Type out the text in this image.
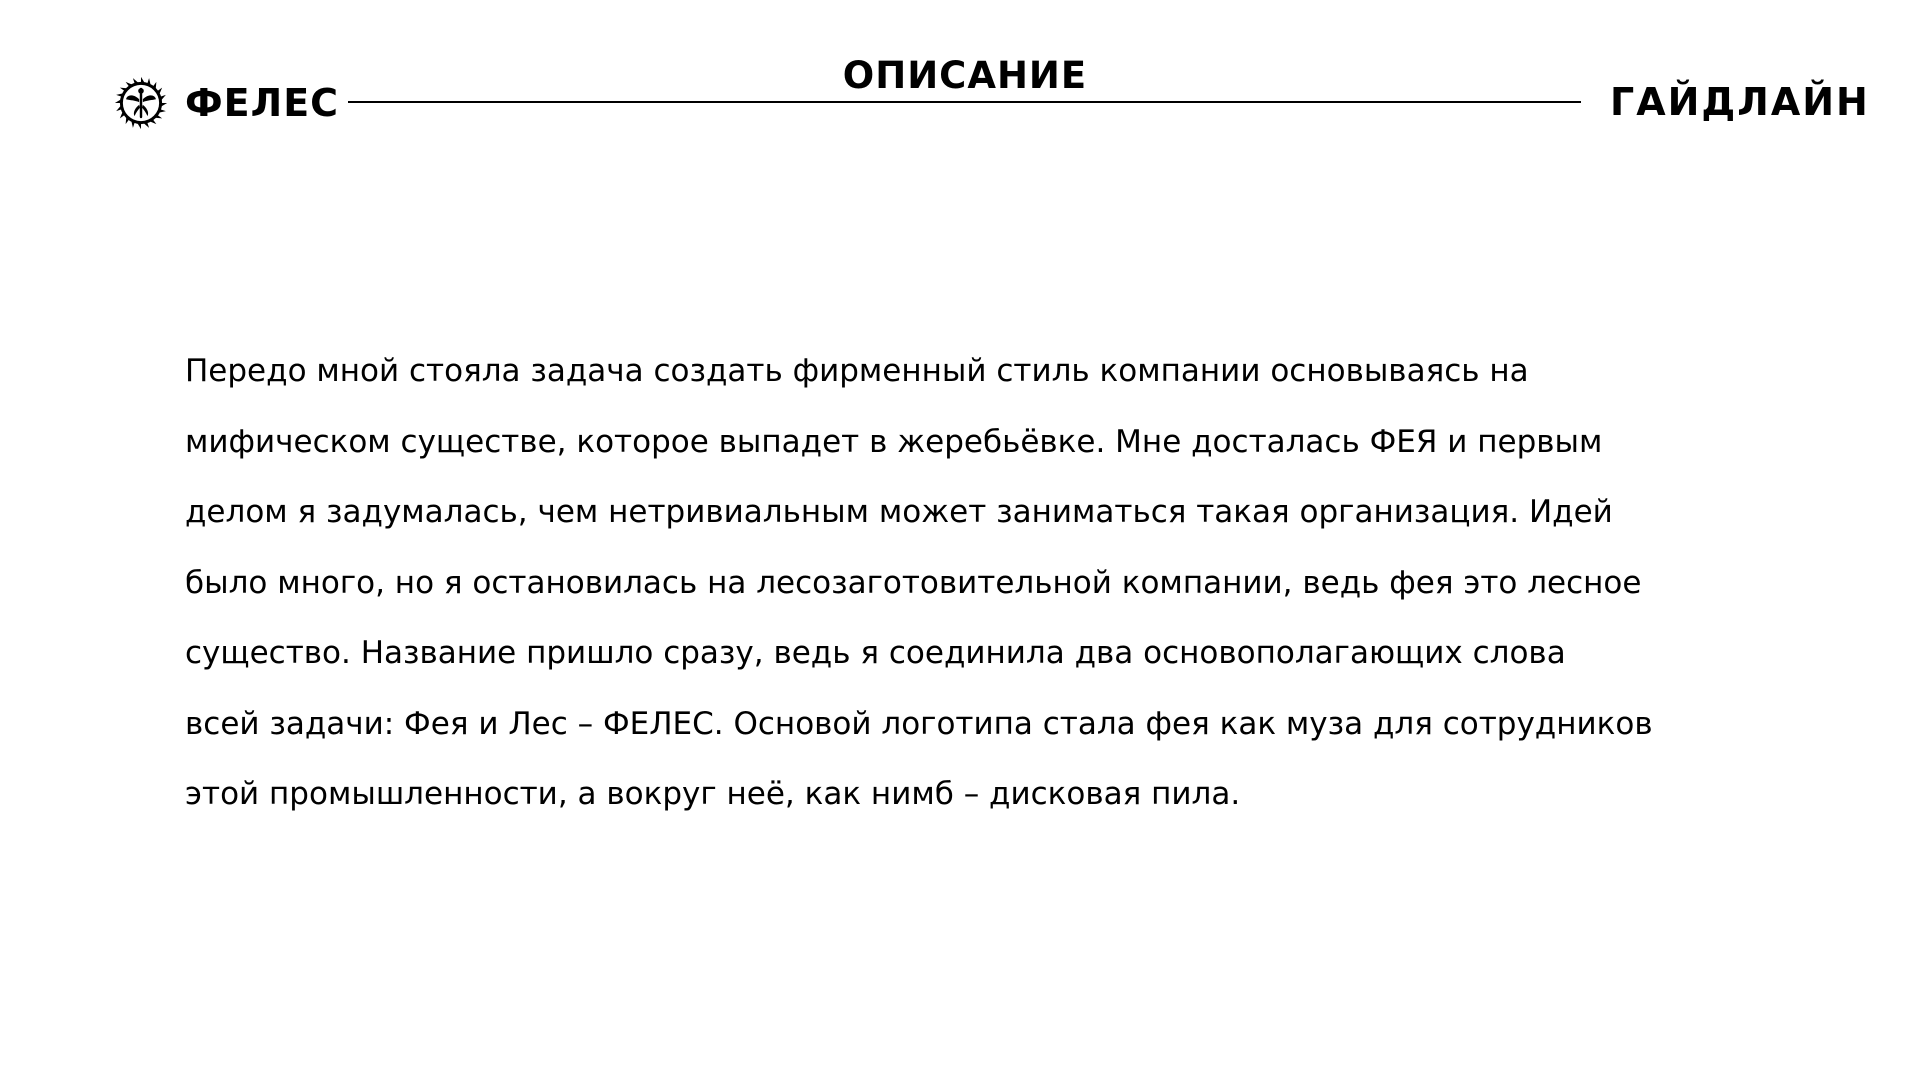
ФЕЛЕС
ОПИСАНИЕ
ГАЙДЛАЙН
Передо мной стояла задача создать фирменный стиль компании основываясь на
мифическом существе, которое выпадет в жеребьёвке. Мне досталась ФЕЯ и первым
делом я задумалась, чем нетривиальным может заниматься такая организация. Идей
было много, но я остановилась на лесозаготовительной компании, ведь фея это лесное
существо. Название пришло сразу, ведь я соединила два основополагающих слова
всей задачи: Фея и Лес – ФЕЛЕС. Основой логотипа стала фея как муза для сотрудников
этой промышленности, а вокруг неё, как нимб – дисковая пила.
